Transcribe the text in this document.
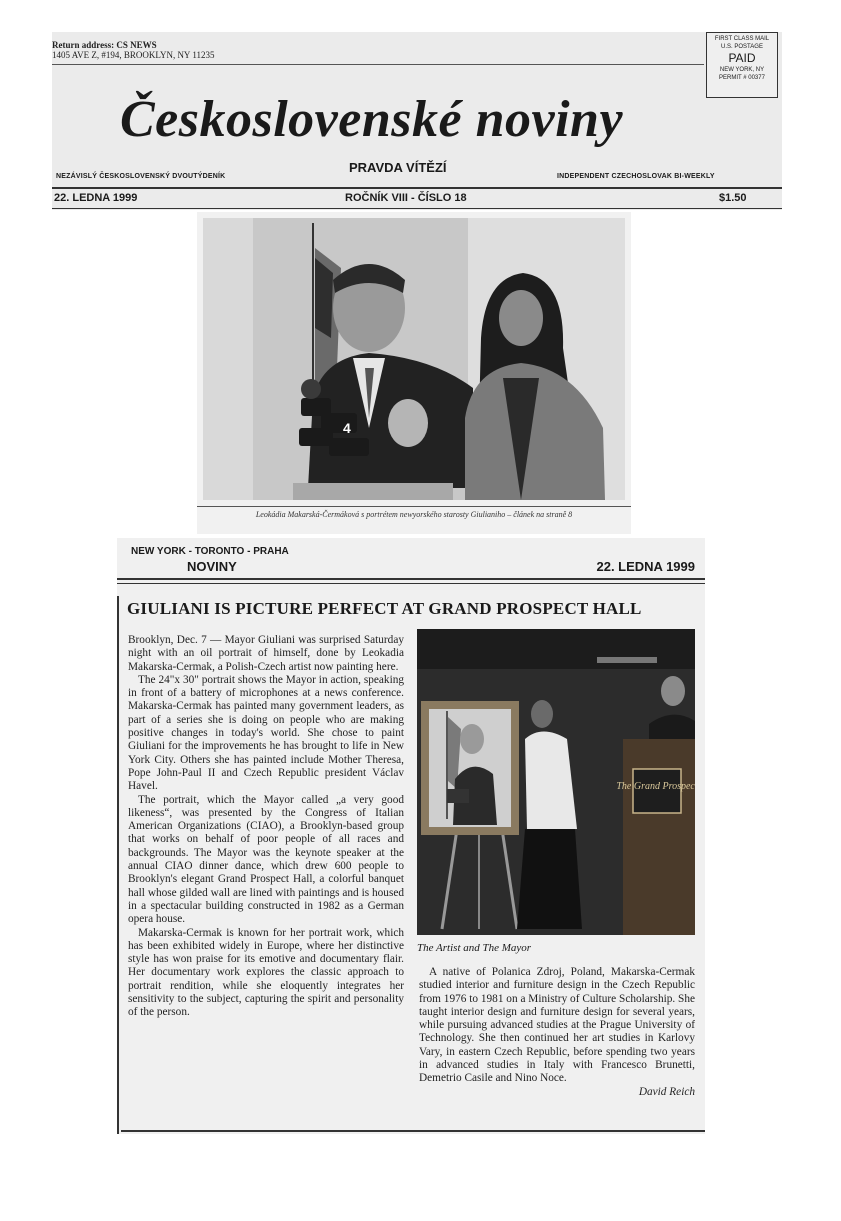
Return address: CS NEWS
1405 AVE Z, #194, BROOKLYN, NY 11235
FIRST CLASS MAIL
U.S. POSTAGE
PAID
NEW YORK, NY
PERMIT # 00377
Československé noviny
PRAVDA VÍTĚZÍ
NEZÁVISLÝ ČESKOSLOVENSKÝ DVOUTÝDENÍK	INDEPENDENT CZECHOSLOVAK BI-WEEKLY
22. LEDNA 1999	ROČNÍK VIII - ČÍSLO 18	$1.50
4
Leokádia Makarská-Čermáková s portrétem newyorského starosty Giulianiho – článek na straně 8
NEW YORK - TORONTO - PRAHA
NOVINY	22. LEDNA 1999
GIULIANI IS PICTURE PERFECT AT GRAND PROSPECT HALL

Brooklyn, Dec. 7 — Mayor Giuliani was surprised Saturday night with an oil portrait of himself, done by Leokadia Makarska-Cermak, a Polish-Czech artist now painting here.

The 24"x 30" portrait shows the Mayor in action, speaking in front of a battery of microphones at a news conference. Makarska-Cermak has painted many government leaders, as part of a series she is doing on people who are making positive changes in today's world. She chose to paint Giuliani for the improvements he has brought to life in New York City. Others she has painted include Mother Theresa, Pope John-Paul II and Czech Republic president Václav Havel.

The portrait, which the Mayor called „a very good likeness“, was presented by the Congress of Italian American Organizations (CIAO), a Brooklyn-based group that works on behalf of poor people of all races and backgrounds. The Mayor was the keynote speaker at the annual CIAO dinner dance, which drew 600 people to Brooklyn's elegant Grand Prospect Hall, a colorful banquet hall whose gilded wall are lined with paintings and is housed in a spectacular building constructed in 1982 as a German opera house.

Makarska-Cermak is known for her portrait work, which has been exhibited widely in Europe, where her distinctive style has won praise for its emotive and documentary flair. Her documentary work explores the classic approach to portrait rendition, while she eloquently integrates her sensitivity to the subject, capturing the spirit and personality of the person.

The Grand Prospect
The Artist and The Mayor

A native of Polanica Zdroj, Poland, Makarska-Cermak studied interior and furniture design in the Czech Republic from 1976 to 1981 on a Ministry of Culture Scholarship. She taught interior design and furniture design for several years, while pursuing advanced studies at the Prague University of Technology. She then continued her art studies in Karlovy Vary, in eastern Czech Republic, before spending two years in advanced studies in Italy with Francesco Brunetti, Demetrio Casile and Nino Noce.

David Reich
